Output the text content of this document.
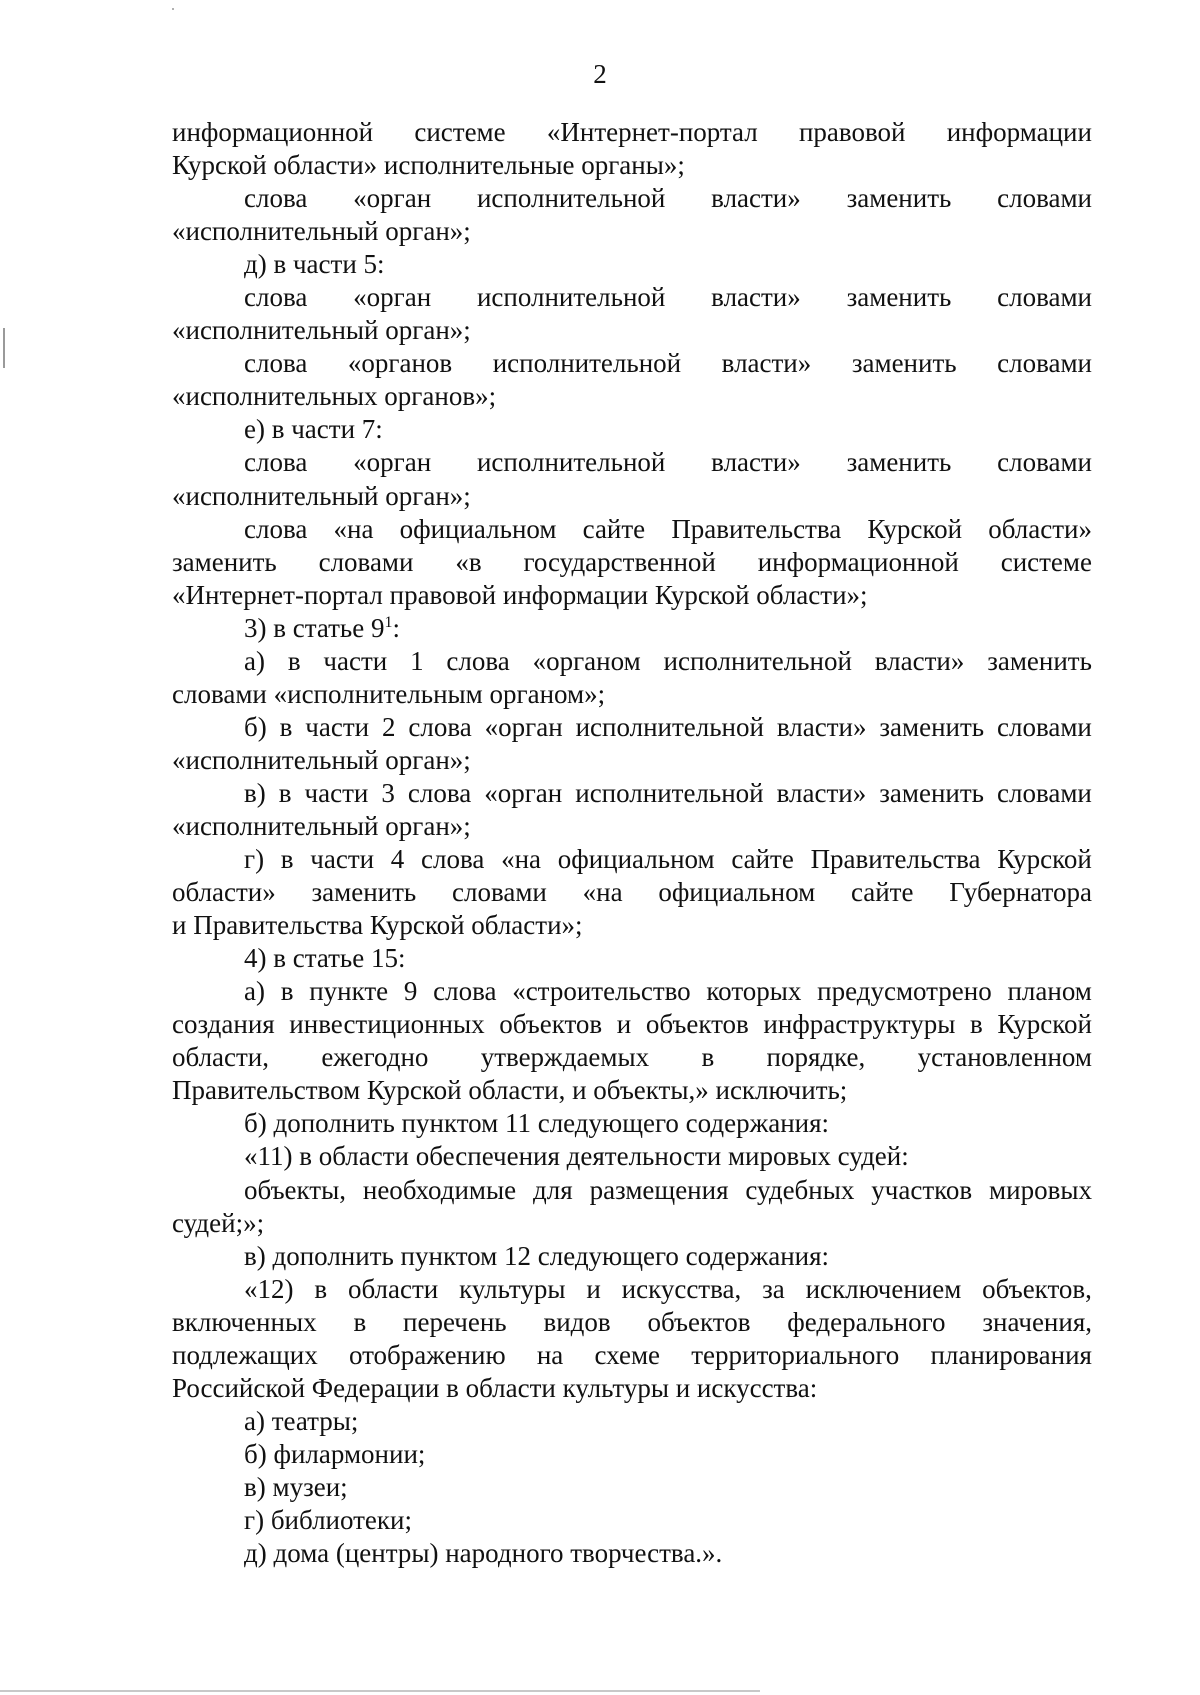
2
информационной системе «Интернет-портал правовой информации
Курской области» исполнительные органы»;
слова «орган исполнительной власти» заменить словами
«исполнительный орган»;
д) в части 5:
слова «орган исполнительной власти» заменить словами
«исполнительный орган»;
слова «органов исполнительной власти» заменить словами
«исполнительных органов»;
е) в части 7:
слова «орган исполнительной власти» заменить словами
«исполнительный орган»;
слова «на официальном сайте Правительства Курской области»
заменить словами «в государственной информационной системе
«Интернет-портал правовой информации Курской области»;
3) в статье $9^1$:
а) в части 1 слова «органом исполнительной власти» заменить
словами «исполнительным органом»;
б) в части 2 слова «орган исполнительной власти» заменить словами
«исполнительный орган»;
в) в части 3 слова «орган исполнительной власти» заменить словами
«исполнительный орган»;
г) в части 4 слова «на официальном сайте Правительства Курской
области» заменить словами «на официальном сайте Губернатора
и Правительства Курской области»;
4) в статье 15:
а) в пункте 9 слова «строительство которых предусмотрено планом
создания инвестиционных объектов и объектов инфраструктуры в Курской
области, ежегодно утверждаемых в порядке, установленном
Правительством Курской области, и объекты,» исключить;
б) дополнить пунктом 11 следующего содержания:
«11) в области обеспечения деятельности мировых судей:
объекты, необходимые для размещения судебных участков мировых
судей;»;
в) дополнить пунктом 12 следующего содержания:
«12) в области культуры и искусства, за исключением объектов,
включенных в перечень видов объектов федерального значения,
подлежащих отображению на схеме территориального планирования
Российской Федерации в области культуры и искусства:
а) театры;
б) филармонии;
в) музеи;
г) библиотеки;
д) дома (центры) народного творчества.».
